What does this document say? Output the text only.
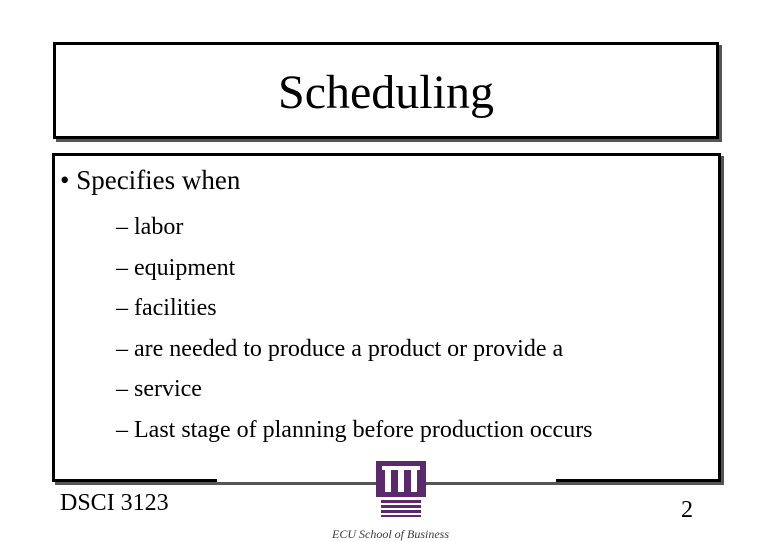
Scheduling
• Specifies when
– labor
– equipment
– facilities
– are needed to produce a product or provide a
– service
– Last stage of planning before production occurs
DSCI 3123
ECU School of Business
2
